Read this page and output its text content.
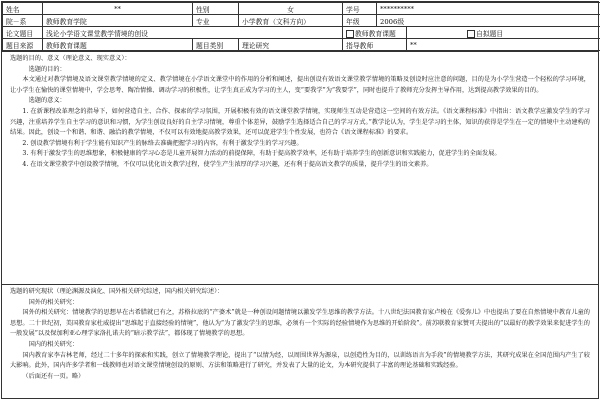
姓名	**	性别	女	学号	**********	
院－系	教师教育学院	专业	小学教育（文科方向）	年级	2006级	
论文题目	浅论小学语文课堂教学情境的创设			教师教育课题		自拟题目
题目来源	教师教育课题	题目类别	理论研究	指导教师		**

选题的目的、意义（理论意义、现实意义）：

选题的目的：

本文通过对教学情境及语文课堂教学情境的定义、教学情境在小学语文课堂中的作用的分析和阐述，提出创设有效语文课堂教学情境的策略及创设时应注意的问题，目的是为小学生营造一个轻松的学习环境，让小学生在愉快的课堂情境中，学会思考、陶冶情操、调动学习的积极性，让学生真正成为学习的主人，变“要我学”为“我要学”，同时也提升了教师充分发挥主导作用，达到提高教学效果的目的。

选题的意义：

1. 在新课程改革理念的指导下，如何营造自主、合作、探索的学习氛围，开展积极有效的语文课堂教学情境，实现师生互动是营造这一空间的有效方法。《语文课程标准》中指出：语文教学应激发学生的学习兴趣，注重培养学生自主学习的意识和习惯，为学生创设良好的自主学习情境，尊重个体差异，鼓励学生选择适合自己的学习方式。”教学论认为，学生是学习的主体，知识的获得是学生在一定的情境中主动建构的结果。因此，创设一个和谐、和谐、融洽的教学情境，不仅可以有效地提高教学效果，还可以促进学生个性发展，也符合《语文课程标准》的要求。

2. 创设教学情境有利于学生能有知识产生的脉络去准确把握学习的内容，有利于激发学生的学习兴趣。

3. 有利于激发学生的思维想象，积极健康的学习心态是儿童开展智力活动的前提保障，有助于提高教学效率，还有助于培养学生的创新意识和实践能力，促进学生的全面发展。

4. 在语文课堂教学中创设教学情境，不仅可以优化语文教学过程，使学生产生浓厚的学习兴趣，还有利于提高语文教学的质量，提升学生的语文素养。

选题的研究现状（理论渊源及演化、国外相关研究综述，国内相关研究综述）：

国外的相关研究：

国外的相关研究：情境教学的思想早在古希腊就已有之，苏格拉底的“产婆术”就是一种创设问题情境以激发学生思维的教学方法。十八世纪法国教育家卢梭在《爱弥儿》中也提出了要在自然情境中教育儿童的思想。二十世纪初，美国教育家杜威提出“思维起于直接经验的情境”，他认为“为了激发学生的思维，必须有一个实际的经验情境作为思维的开始阶段”。前苏联教育家赞可夫提出的“以最好的教学效果来促进学生的一般发展”以及保加利亚心理学家洛扎诺夫的“暗示教学法”，都体现了情境教学的思想。

国内的相关研究：

国内教育家李吉林老师，经过二十多年的探索和实践，创立了情境教学理论，提出了“以情为经，以周围世界为源泉，以创造性为目的，以训练语言为手段”的情境教学方法，其研究成果在全国范围内产生了较大影响。此外，国内许多学者和一线教师也对语文课堂情境创设的原则、方法和策略进行了研究，并发表了大量的论文，为本研究提供了丰富的理论基础和实践经验。

（后面还有一页。略）
